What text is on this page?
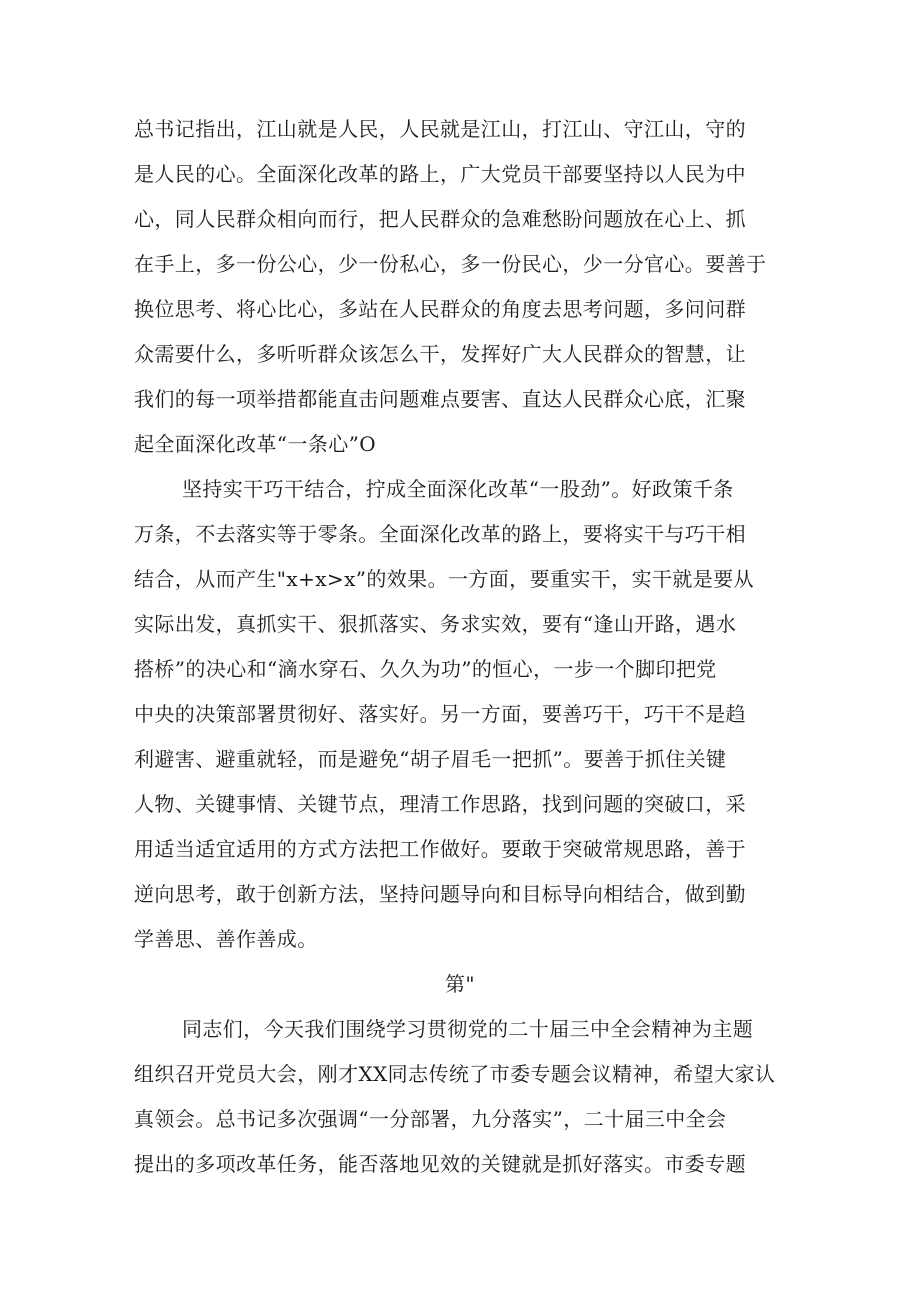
总书记指出，江山就是人民，人民就是江山，打江山、守江山，守的
是人民的心。全面深化改革的路上，广大党员干部要坚持以人民为中
心，同人民群众相向而行，把人民群众的急难愁盼问题放在心上、抓
在手上，多一份公心，少一份私心，多一份民心，少一分官心。要善于
换位思考、将心比心，多站在人民群众的角度去思考问题，多问问群
众需要什么，多听听群众该怎么干，发挥好广大人民群众的智慧，让
我们的每一项举措都能直击问题难点要害、直达人民群众心底，汇聚
起全面深化改革“一条心”O
坚持实干巧干结合，拧成全面深化改革“一股劲”。好政策千条
万条，不去落实等于零条。全面深化改革的路上，要将实干与巧干相
结合，从而产生"x+x>x”的效果。一方面，要重实干，实干就是要从
实际出发，真抓实干、狠抓落实、务求实效，要有“逢山开路，遇水
搭桥”的决心和“滴水穿石、久久为功”的恒心，一步一个脚印把党
中央的决策部署贯彻好、落实好。另一方面，要善巧干，巧干不是趋
利避害、避重就轻，而是避免“胡子眉毛一把抓”。要善于抓住关键
人物、关键事情、关键节点，理清工作思路，找到问题的突破口，采
用适当适宜适用的方式方法把工作做好。要敢于突破常规思路，善于
逆向思考，敢于创新方法，坚持问题导向和目标导向相结合，做到勤
学善思、善作善成。
第"
同志们，今天我们围绕学习贯彻党的二十届三中全会精神为主题
组织召开党员大会，刚才XX同志传统了市委专题会议精神，希望大家认
真领会。总书记多次强调“一分部署，九分落实”，二十届三中全会
提出的多项改革任务，能否落地见效的关键就是抓好落实。市委专题
